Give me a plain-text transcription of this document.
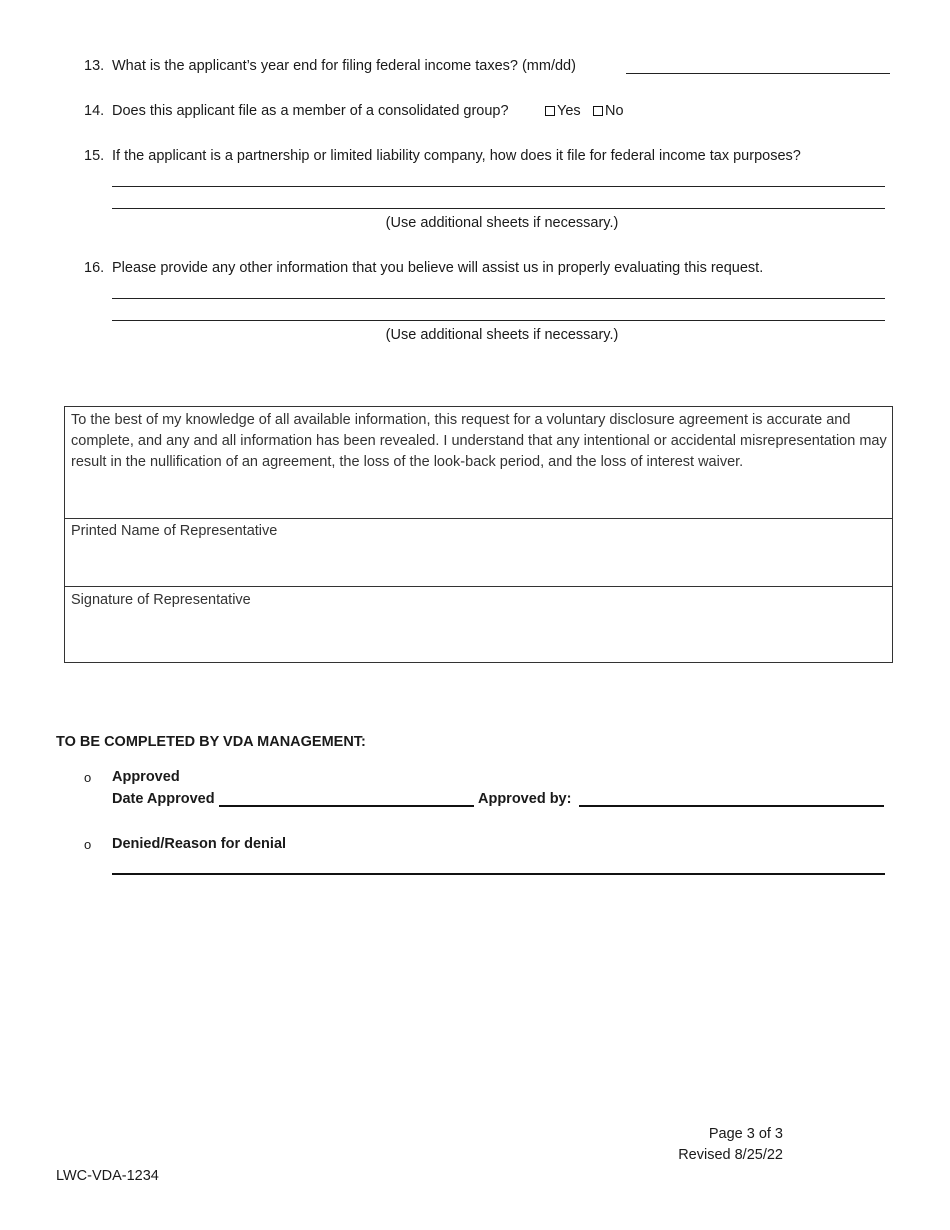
13. What is the applicant’s year end for filing federal income taxes? (mm/dd)
14. Does this applicant file as a member of a consolidated group?	Yes	No
15. If the applicant is a partnership or limited liability company, how does it file for federal income tax purposes?
(Use additional sheets if necessary.)
16. Please provide any other information that you believe will assist us in properly evaluating this request.
(Use additional sheets if necessary.)
To the best of my knowledge of all available information, this request for a voluntary disclosure agreement is accurate and complete, and any and all information has been revealed. I understand that any intentional or accidental misrepresentation may result in the nullification of an agreement, the loss of the look-back period, and the loss of interest waiver.
Printed Name of Representative
Signature of Representative
TO BE COMPLETED BY VDA MANAGEMENT:
o Approved
Date Approved	Approved by:
o Denied/Reason for denial
Page 3 of 3
Revised 8/25/22
LWC-VDA-1234
